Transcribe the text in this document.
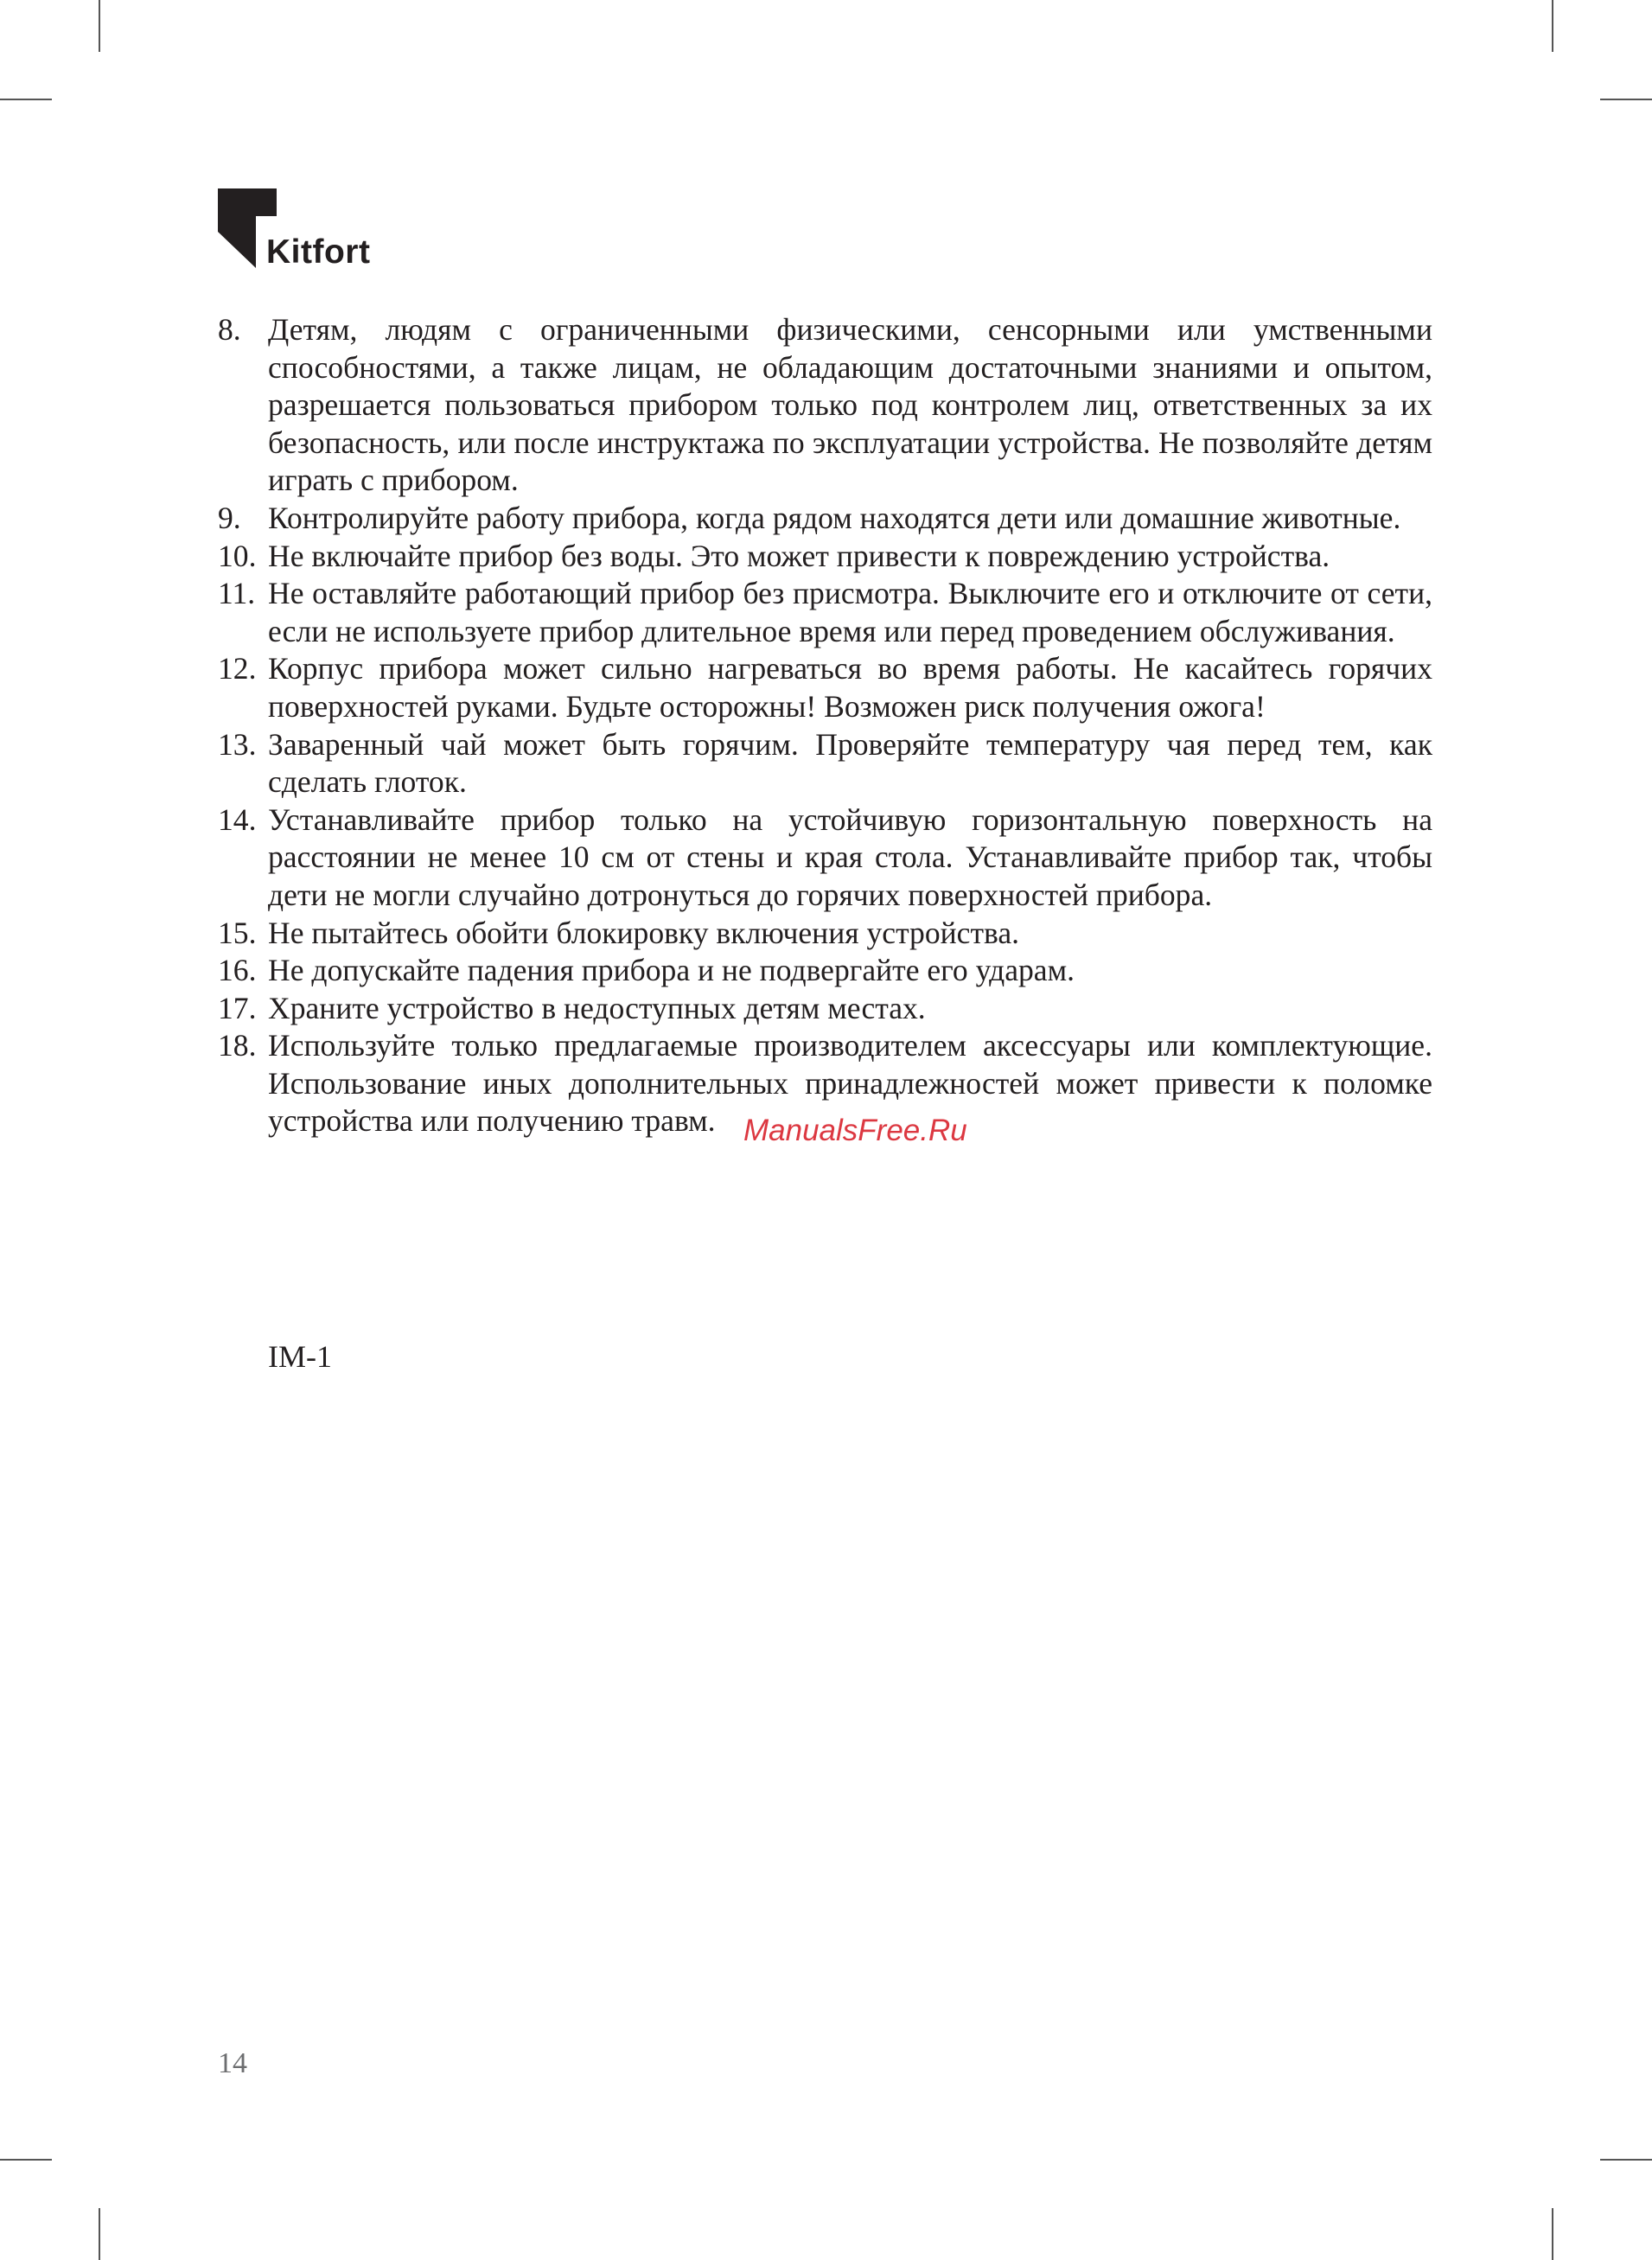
Kitfort
8. Детям, людям с ограниченными физическими, сенсорными или умственными способностями, а также лицам, не обладающим достаточными знаниями и опытом, разрешается пользоваться прибором только под контролем лиц, ответственных за их безопасность, или после инструктажа по эксплуатации устройства. Не позволяйте детям играть с прибором.
9. Контролируйте работу прибора, когда рядом находятся дети или домашние животные.
10. Не включайте прибор без воды. Это может привести к повреждению устройства.
11. Не оставляйте работающий прибор без присмотра. Выключите его и отключите от сети, если не используете прибор длительное время или перед проведением обслуживания.
12. Корпус прибора может сильно нагреваться во время работы. Не касайтесь горячих поверхностей руками. Будьте осторожны! Возможен риск получения ожога!
13. Заваренный чай может быть горячим. Проверяйте температуру чая перед тем, как сделать глоток.
14. Устанавливайте прибор только на устойчивую горизонтальную поверхность на расстоянии не менее 10 см от стены и края стола. Устанавливайте прибор так, чтобы дети не могли случайно дотронуться до горячих поверхностей прибора.
15. Не пытайтесь обойти блокировку включения устройства.
16. Не допускайте падения прибора и не подвергайте его ударам.
17. Храните устройство в недоступных детям местах.
18. Используйте только предлагаемые производителем аксессуары или комплектующие. Использование иных дополнительных принадлежностей может привести к поломке устройства или получению травм. ManualsFree.Ru
IM-1
14
